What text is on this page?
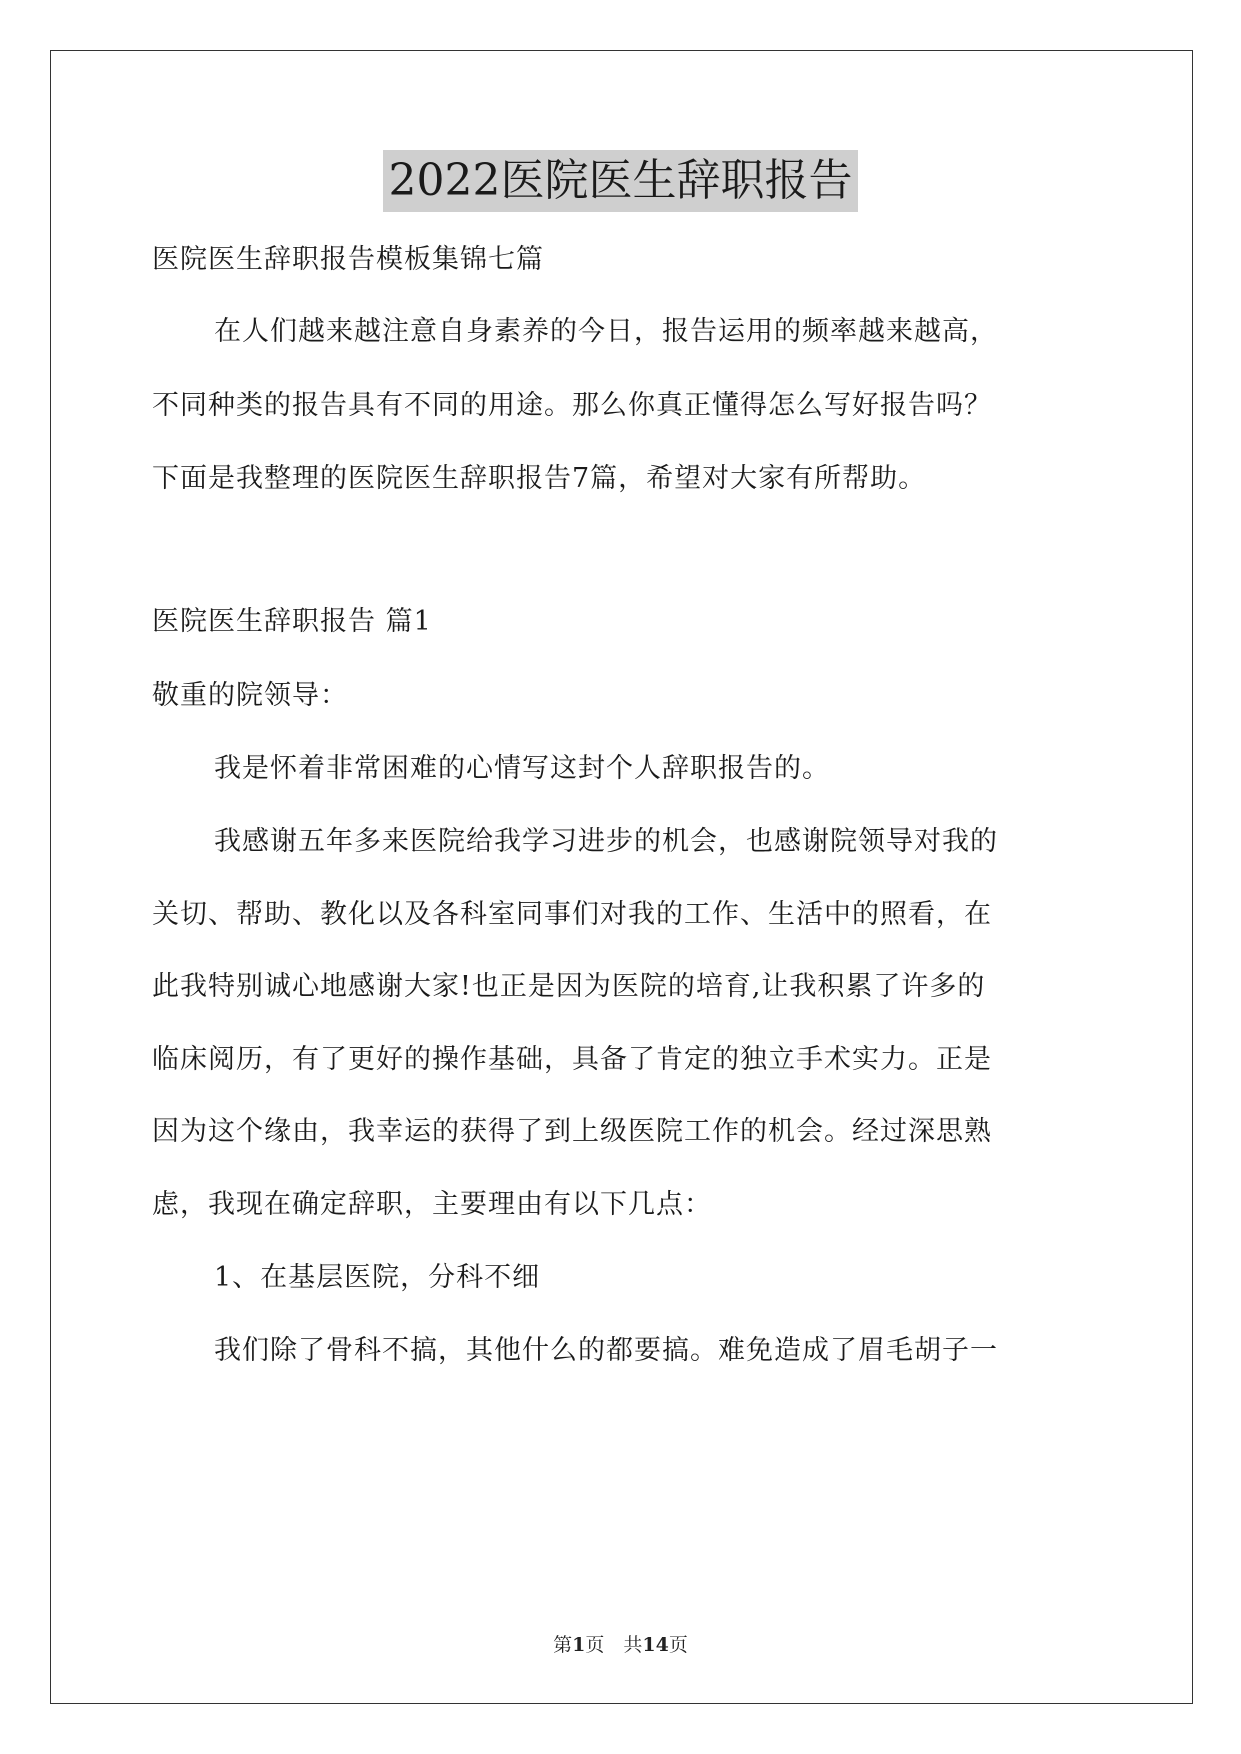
2022医院医生辞职报告
医院医生辞职报告模板集锦七篇
在人们越来越注意自身素养的今日，报告运用的频率越来越高，
不同种类的报告具有不同的用途。那么你真正懂得怎么写好报告吗？
下面是我整理的医院医生辞职报告7篇，希望对大家有所帮助。
医院医生辞职报告 篇1
敬重的院领导：
我是怀着非常困难的心情写这封个人辞职报告的。
我感谢五年多来医院给我学习进步的机会，也感谢院领导对我的
关切、帮助、教化以及各科室同事们对我的工作、生活中的照看，在
此我特别诚心地感谢大家!也正是因为医院的培育,让我积累了许多的
临床阅历，有了更好的操作基础，具备了肯定的独立手术实力。正是
因为这个缘由，我幸运的获得了到上级医院工作的机会。经过深思熟
虑，我现在确定辞职，主要理由有以下几点：
1、在基层医院，分科不细
我们除了骨科不搞，其他什么的都要搞。难免造成了眉毛胡子一
第1页　共14页
